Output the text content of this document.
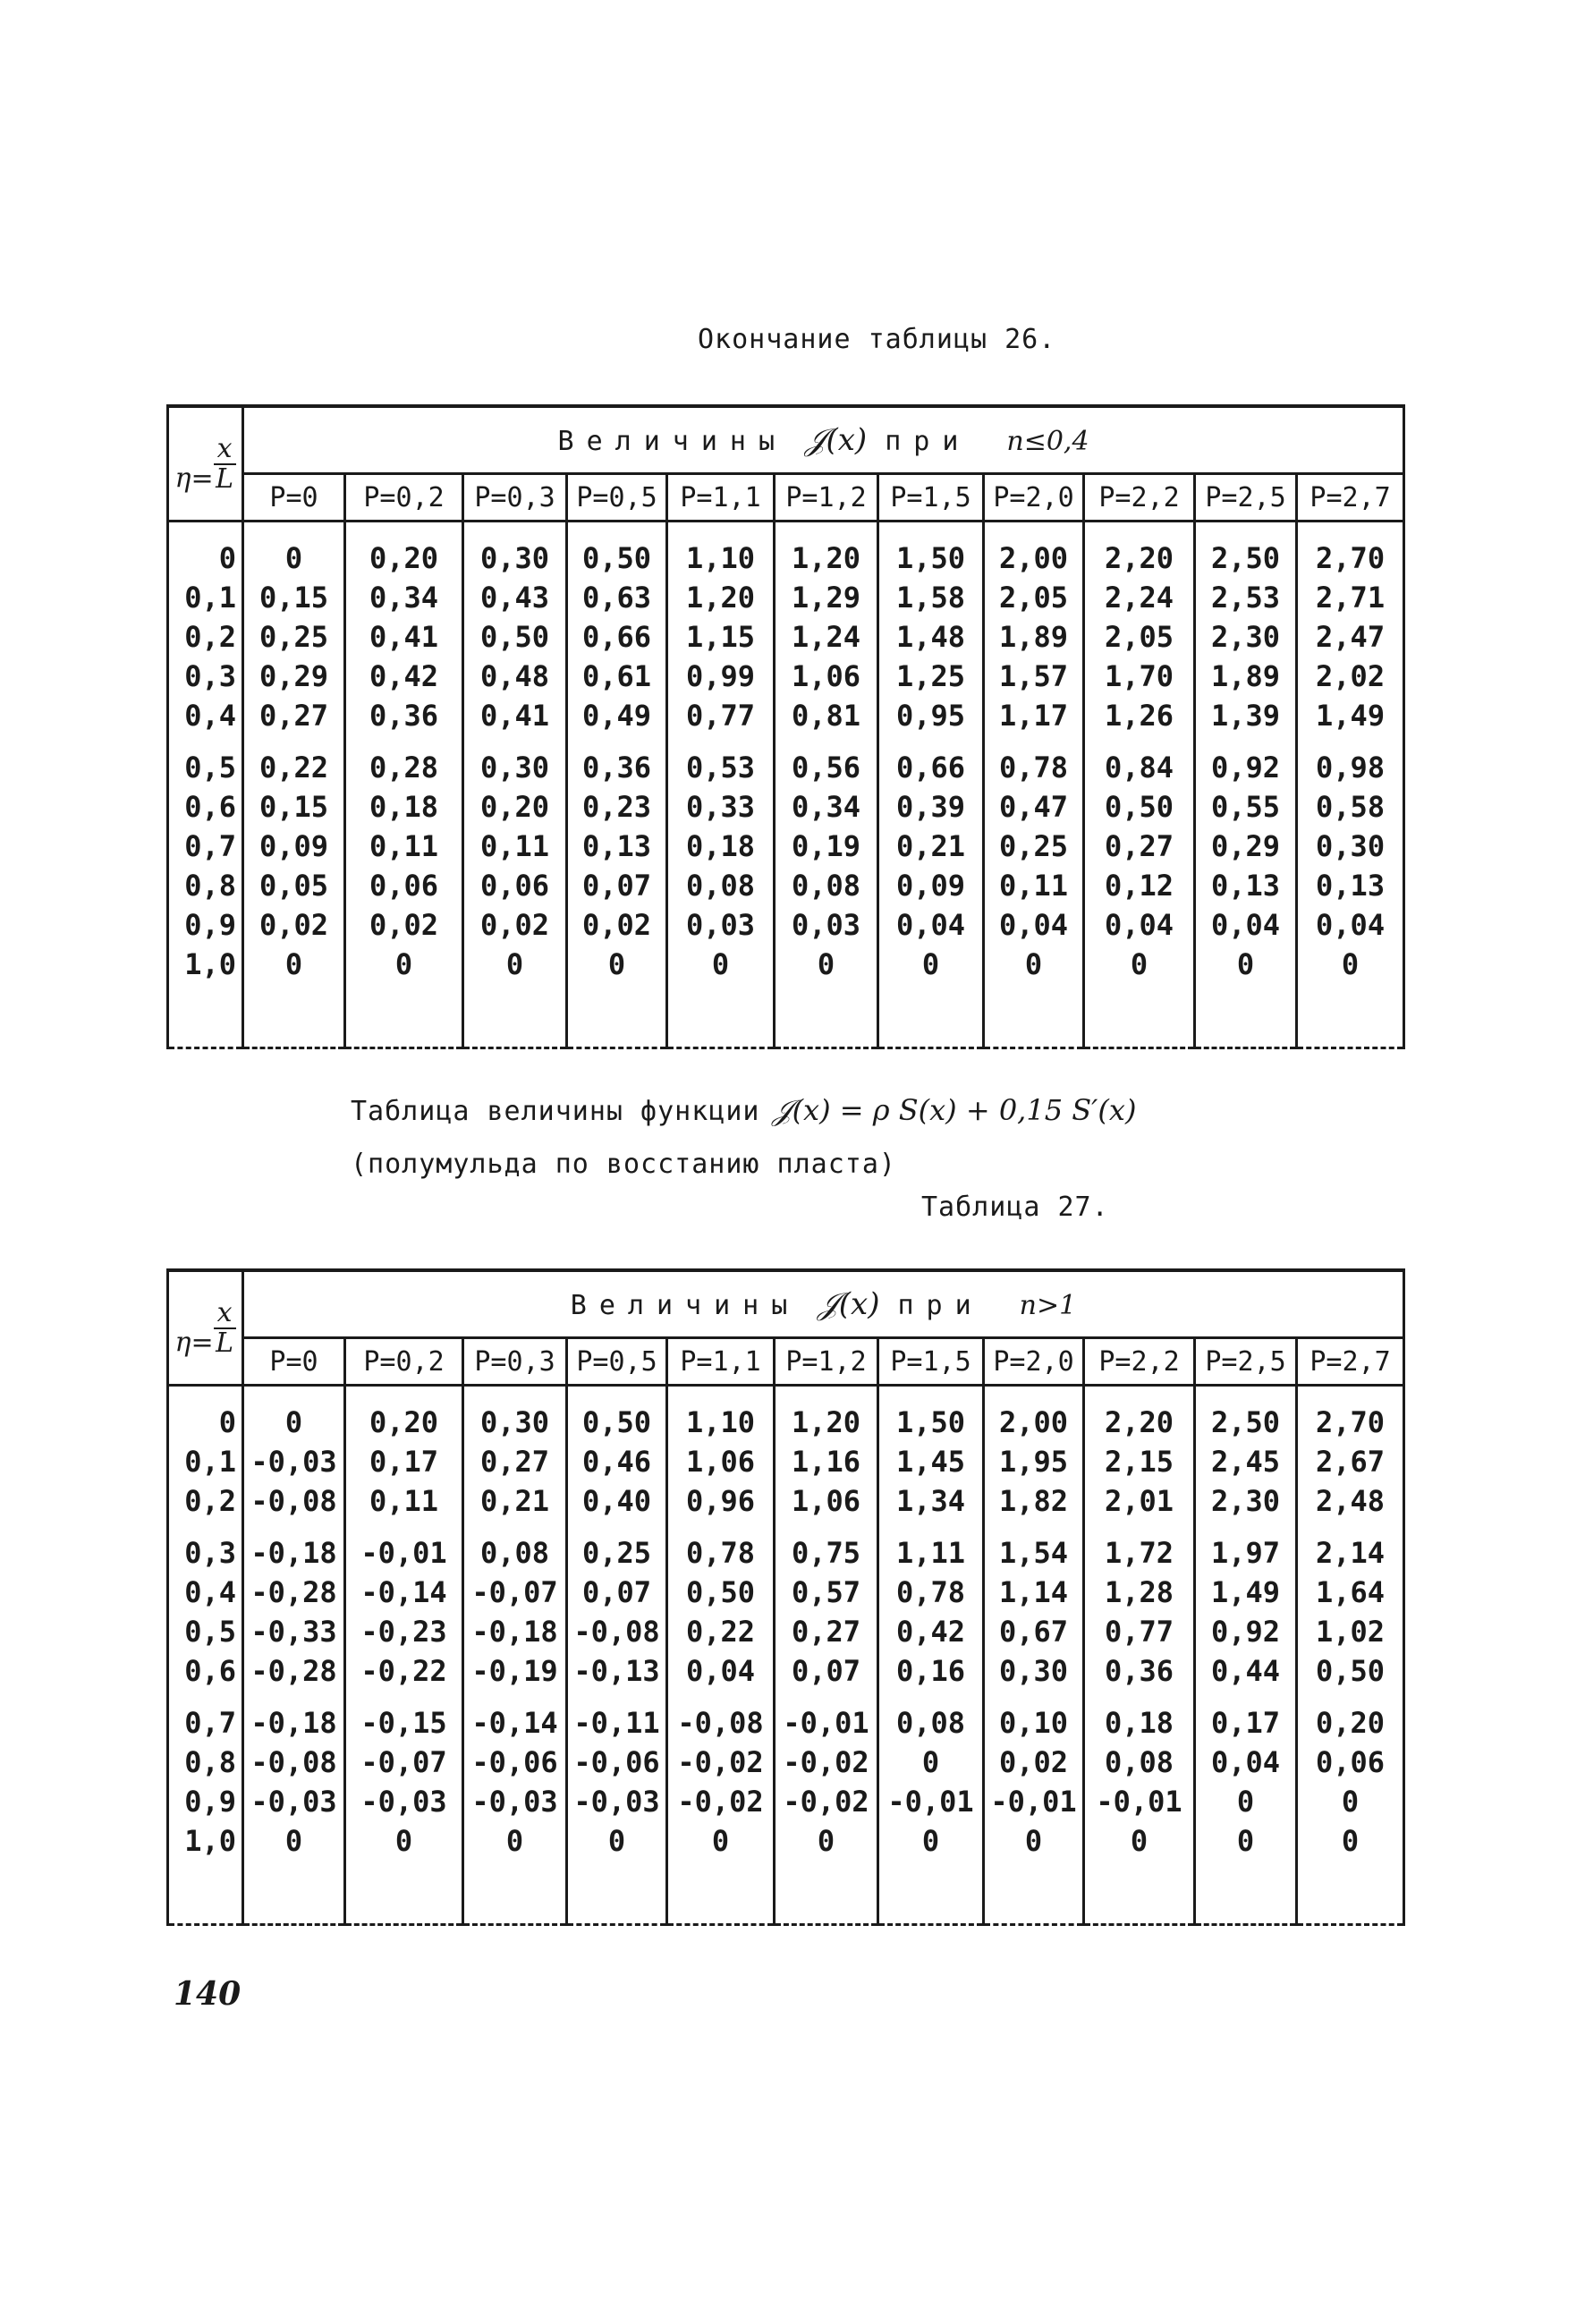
Окончание таблицы 26.
$\eta= \frac{x}{L}$	Величины 𝒥(x) при n≤0,4										
	P=0	P=0,2	P=0,3	P=0,5	P=1,1	P=1,2	P=1,5	P=2,0	P=2,2	P=2,5	P=2,7
0	0	0,20	0,30	0,50	1,10	1,20	1,50	2,00	2,20	2,50	2,70
0,1	0,15	0,34	0,43	0,63	1,20	1,29	1,58	2,05	2,24	2,53	2,71
0,2	0,25	0,41	0,50	0,66	1,15	1,24	1,48	1,89	2,05	2,30	2,47
0,3	0,29	0,42	0,48	0,61	0,99	1,06	1,25	1,57	1,70	1,89	2,02
0,4	0,27	0,36	0,41	0,49	0,77	0,81	0,95	1,17	1,26	1,39	1,49
0,5	0,22	0,28	0,30	0,36	0,53	0,56	0,66	0,78	0,84	0,92	0,98
0,6	0,15	0,18	0,20	0,23	0,33	0,34	0,39	0,47	0,50	0,55	0,58
0,7	0,09	0,11	0,11	0,13	0,18	0,19	0,21	0,25	0,27	0,29	0,30
0,8	0,05	0,06	0,06	0,07	0,08	0,08	0,09	0,11	0,12	0,13	0,13
0,9	0,02	0,02	0,02	0,02	0,03	0,03	0,04	0,04	0,04	0,04	0,04
1,0	0	0	0	0	0	0	0	0	0	0	0
Таблица величины функции 𝒥(x) = ρ S(x) + 0,15 S′(x)
(полумульда по восстанию пласта)
Таблица 27.
$\eta= \frac{x}{L}$	Величины 𝒥(x) при n>1										
	P=0	P=0,2	P=0,3	P=0,5	P=1,1	P=1,2	P=1,5	P=2,0	P=2,2	P=2,5	P=2,7
0	0	0,20	0,30	0,50	1,10	1,20	1,50	2,00	2,20	2,50	2,70
0,1	-0,03	0,17	0,27	0,46	1,06	1,16	1,45	1,95	2,15	2,45	2,67
0,2	-0,08	0,11	0,21	0,40	0,96	1,06	1,34	1,82	2,01	2,30	2,48
0,3	-0,18	-0,01	0,08	0,25	0,78	0,75	1,11	1,54	1,72	1,97	2,14
0,4	-0,28	-0,14	-0,07	0,07	0,50	0,57	0,78	1,14	1,28	1,49	1,64
0,5	-0,33	-0,23	-0,18	-0,08	0,22	0,27	0,42	0,67	0,77	0,92	1,02
0,6	-0,28	-0,22	-0,19	-0,13	0,04	0,07	0,16	0,30	0,36	0,44	0,50
0,7	-0,18	-0,15	-0,14	-0,11	-0,08	-0,01	0,08	0,10	0,18	0,17	0,20
0,8	-0,08	-0,07	-0,06	-0,06	-0,02	-0,02	0	0,02	0,08	0,04	0,06
0,9	-0,03	-0,03	-0,03	-0,03	-0,02	-0,02	-0,01	-0,01	-0,01	0	0
1,0	0	0	0	0	0	0	0	0	0	0	0
140
